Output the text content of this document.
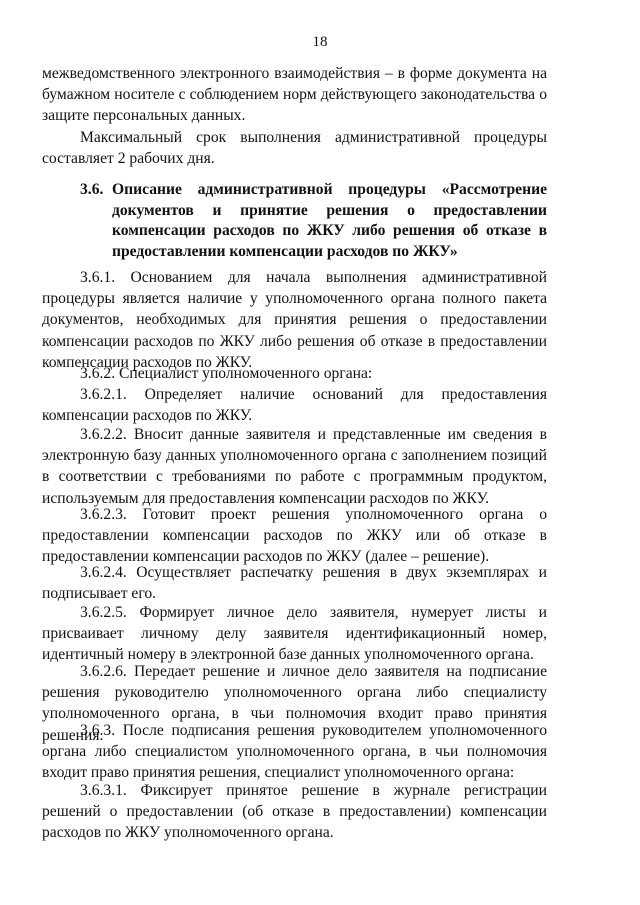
18

межведомственного электронного взаимодействия – в форме документа на бумажном носителе с соблюдением норм действующего законодательства о защите персональных данных.

Максимальный срок выполнения административной процедуры составляет 2 рабочих дня.

3.6. Описание административной процедуры «Рассмотрение документов и принятие решения о предоставлении компенсации расходов по ЖКУ либо решения об отказе в предоставлении компенсации расходов по ЖКУ»

3.6.1. Основанием для начала выполнения административной процедуры является наличие у уполномоченного органа полного пакета документов, необходимых для принятия решения о предоставлении компенсации расходов по ЖКУ либо решения об отказе в предоставлении компенсации расходов по ЖКУ.

3.6.2. Специалист уполномоченного органа:

3.6.2.1. Определяет наличие оснований для предоставления компенсации расходов по ЖКУ.

3.6.2.2. Вносит данные заявителя и представленные им сведения в электронную базу данных уполномоченного органа с заполнением позиций в соответствии с требованиями по работе с программным продуктом, используемым для предоставления компенсации расходов по ЖКУ.

3.6.2.3. Готовит проект решения уполномоченного органа о предоставлении компенсации расходов по ЖКУ или об отказе в предоставлении компенсации расходов по ЖКУ (далее – решение).

3.6.2.4. Осуществляет распечатку решения в двух экземплярах и подписывает его.

3.6.2.5. Формирует личное дело заявителя, нумерует листы и присваивает личному делу заявителя идентификационный номер, идентичный номеру в электронной базе данных уполномоченного органа.

3.6.2.6. Передает решение и личное дело заявителя на подписание решения руководителю уполномоченного органа либо специалисту уполномоченного органа, в чьи полномочия входит право принятия решения.

3.6.3. После подписания решения руководителем уполномоченного органа либо специалистом уполномоченного органа, в чьи полномочия входит право принятия решения, специалист уполномоченного органа:

3.6.3.1. Фиксирует принятое решение в журнале регистрации решений о предоставлении (об отказе в предоставлении) компенсации расходов по ЖКУ уполномоченного органа.
